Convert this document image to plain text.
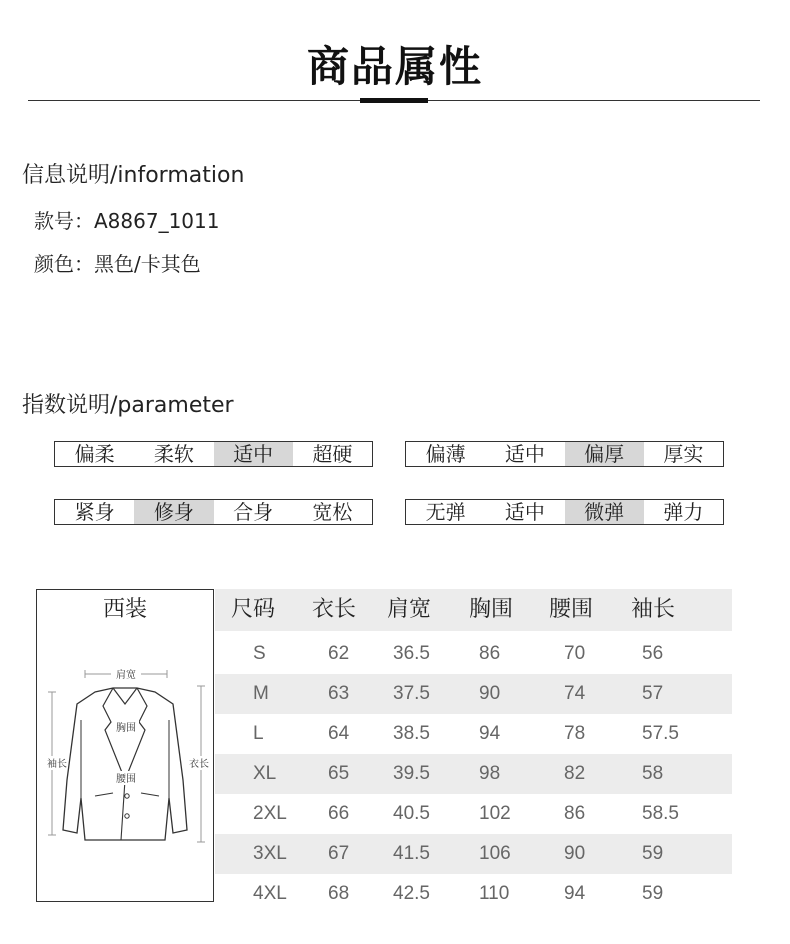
商品属性
信息说明/information
款号：A8867_1011
颜色：黑色/卡其色
指数说明/parameter
偏柔	柔软	适中	超硬	偏薄	适中	偏厚	厚实
紧身	修身	合身	宽松	无弹	适中	微弹	弹力
西装
肩宽
袖长	衣长
胸围
腰围
尺码 衣长 肩宽 胸围 腰围 袖长
S	62 36.5	86	70	56
M	63 37.5	90	74	57
L	64 38.5	94	78	57.5
XL	65 39.5	98	82	58
2XL 66 40.5	102	86	58.5
3XL 67 41.5	106	90	59
4XL 68 42.5	110	94	59
